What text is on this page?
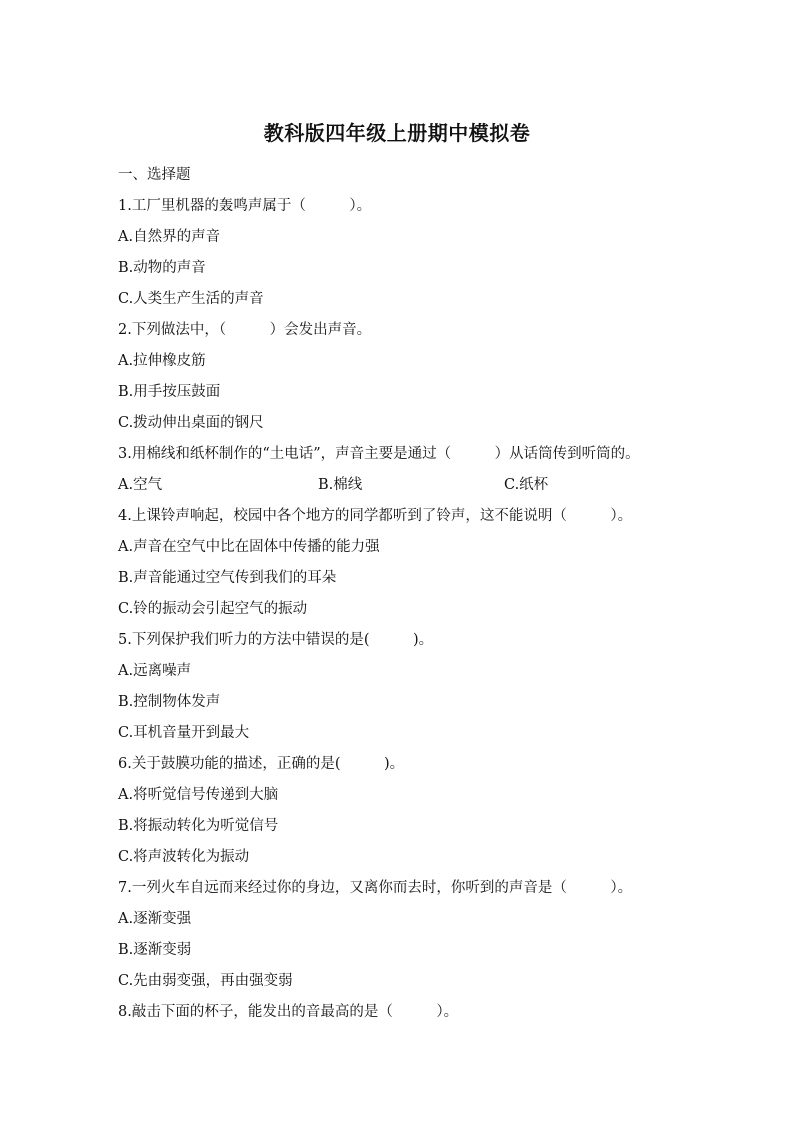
教科版四年级上册期中模拟卷
一、选择题
1.工厂里机器的轰鸣声属于（　　　）。
A.自然界的声音
B.动物的声音
C.人类生产生活的声音
2.下列做法中，（　　　）会发出声音。
A.拉伸橡皮筋
B.用手按压鼓面
C.拨动伸出桌面的钢尺
3.用棉线和纸杯制作的“土电话”，声音主要是通过（　　　）从话筒传到听筒的。
A.空气	B.棉线	C.纸杯
4.上课铃声响起，校园中各个地方的同学都听到了铃声，这不能说明（　　　）。
A.声音在空气中比在固体中传播的能力强
B.声音能通过空气传到我们的耳朵
C.铃的振动会引起空气的振动
5.下列保护我们听力的方法中错误的是(　　　)。
A.远离噪声
B.控制物体发声
C.耳机音量开到最大
6.关于鼓膜功能的描述，正确的是(　　　)。
A.将听觉信号传递到大脑
B.将振动转化为听觉信号
C.将声波转化为振动
7.一列火车自远而来经过你的身边，又离你而去时，你听到的声音是（　　　）。
A.逐渐变强
B.逐渐变弱
C.先由弱变强，再由强变弱
8.敲击下面的杯子，能发出的音最高的是（　　　）。
